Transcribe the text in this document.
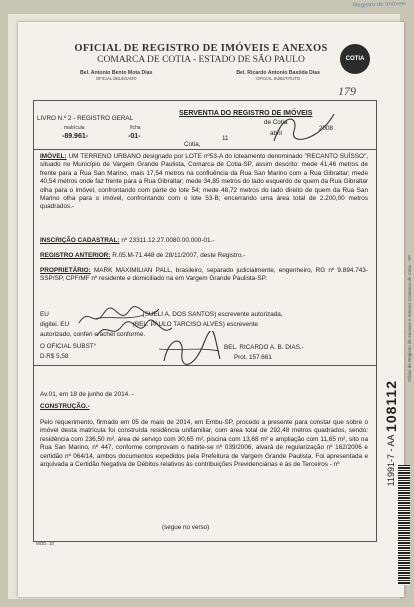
Registro de Imóveis
OFICIAL DE REGISTRO DE IMÓVEIS E ANEXOS
COMARCA DE COTIA - ESTADO DE SÃO PAULO
Bel. Antonio Bento Mota Dias
OFICIAL DELEGADO
Bel. Ricardo Antonio Bastida Dias
OFICIAL SUBSTITUTO
COTIA
179
LIVRO N.º 2 - REGISTRO GERAL
matrícula
-89.961-
ficha
-01-
Cotia,
SERVENTIA DO REGISTRO DE IMÓVEIS
de Cotia
11
abril
2008
IMÓVEL: UM TERRENO URBANO designado por LOTE nº53-A do loteamento denominado "RECANTO SUÍSSO", situado no Município de Vargem Grande Paulista, Comarca de Cotia-SP, assim descrito: mede 41,46 metros de frente para a Rua San Marino, mais 17,54 metros na confluência da Rua San Marino com a Rua Gibraltar; mede 40,54 metros onde faz frente para a Rua Gibraltar; mede 34,85 metros do lado esquerdo de quem da Rua Gibraltar olha para o imóvel, confrontando com parte do lote 54; mede 48,72 metros do lado direito de quem da Rua San Marino olha para o imóvel, confrontando com o lote 53-B; encerrando uma área total de 2.200,00 metros quadrados.-
INSCRIÇÃO CADASTRAL: nº 23311.12.27.0080.00.000-01.-
REGISTRO ANTERIOR: R.05.M-71.448 de 28/11/2007, deste Registro.-
PROPRIETÁRIO: MARK MAXIMILIAN PALL, brasileiro, separado judicialmente, engenheiro, RG nº 9.894.743-SSP/SP, CPF/MF nº residente e domiciliado na em Vargem Grande Paulista-SP.
EU	(SUELI A. DOS SANTOS) escrevente autorizada,
digitei. EU	(BEL. PAULO TARCISO ALVES) escrevente
autorizado, conferi e achei conforme.
O OFICIAL SUBST°
D.R$ 5,58
BEL. RICARDO A. B. DIAS.-
Prot. 157.661
Av.01, em 18 de junho de 2014. -
CONSTRUÇÃO.-
Pelo requerimento, firmado em 05 de maio de 2014, em Embu-SP, procedo a presente para constar que sobre o imóvel desta matrícula foi construída residência unifamiliar, com área total de 292,48 metros quadrados, sendo: residência com 236,50 m², área de serviço com 30,65 m², piscina com 13,68 m² e ampliação com 11,65 m², sito na Rua San Marino, nº 447, conforme comprovam o habite-se nº 039/2006, alvará de regularização nº 162/2006 e certidão nº 064/14, ambos documentos expedidos pela Prefeitura de Vargem Grande Paulista. Foi apresentada e arquivada a Certidão Negativa de Débitos relativos às contribuições Previdenciárias e às de Terceiros - nº
(segue no verso)
MOD. 10
Oficial de Registro de Imóveis e Anexos Comarca de Cotia - SP
11991-7 - AA 108112
